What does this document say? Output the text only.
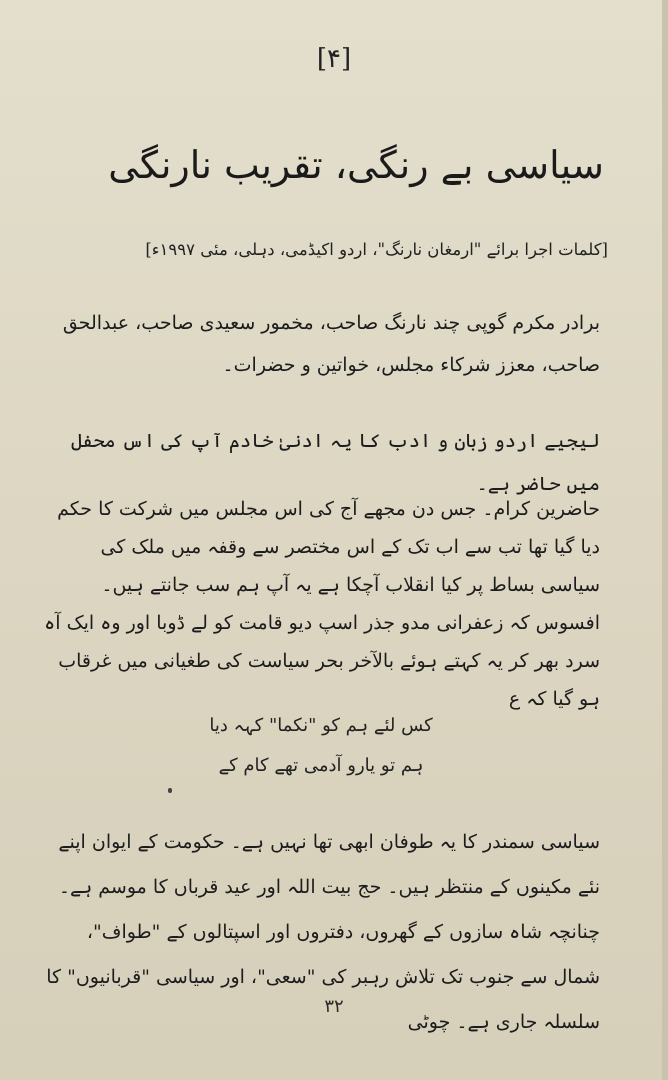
[۴]
سیاسی بے رنگی، تقریب نارنگی
[کلمات اجرا برائے "ارمغان نارنگ"، اردو اکیڈمی، دہلی، مئی ۱۹۹۷ء]

برادر مکرم گوپی چند نارنگ صاحب، مخمور سعیدی صاحب، عبدالحق صاحب، معزز شرکاء مجلس، خواتین و حضرات۔

لیجیے اردو زبان و ادب کا یہ ادنیٰ خادم آپ کی اس محفل میں حاضر ہے۔

حاضرین کرام۔ جس دن مجھے آج کی اس مجلس میں شرکت کا حکم دیا گیا تھا تب سے اب تک کے اس مختصر سے وقفہ میں ملک کی سیاسی بساط پر کیا انقلاب آچکا ہے یہ آپ ہم سب جانتے ہیں۔ افسوس کہ زعفرانی مدو جذر اسپ دیو قامت کو لے ڈوبا اور وہ ایک آہ سرد بھر کر یہ کہتے ہوئے بالآخر بحر سیاست کی طغیانی میں غرقاب ہو گیا کہ ع

کس لئے ہم کو "نکما" کہہ دیا

ہم تو یارو آدمی تھے کام کے

سیاسی سمندر کا یہ طوفان ابھی تھا نہیں ہے۔ حکومت کے ایوان اپنے نئے مکینوں کے منتظر ہیں۔ حج بیت اللہ اور عید قرباں کا موسم ہے۔ چنانچہ شاہ سازوں کے گھروں، دفتروں اور اسپتالوں کے "طواف"، شمال سے جنوب تک تلاش رہبر کی "سعی"، اور سیاسی "قربانیوں" کا سلسلہ جاری ہے۔ چوٹی

۳۲
